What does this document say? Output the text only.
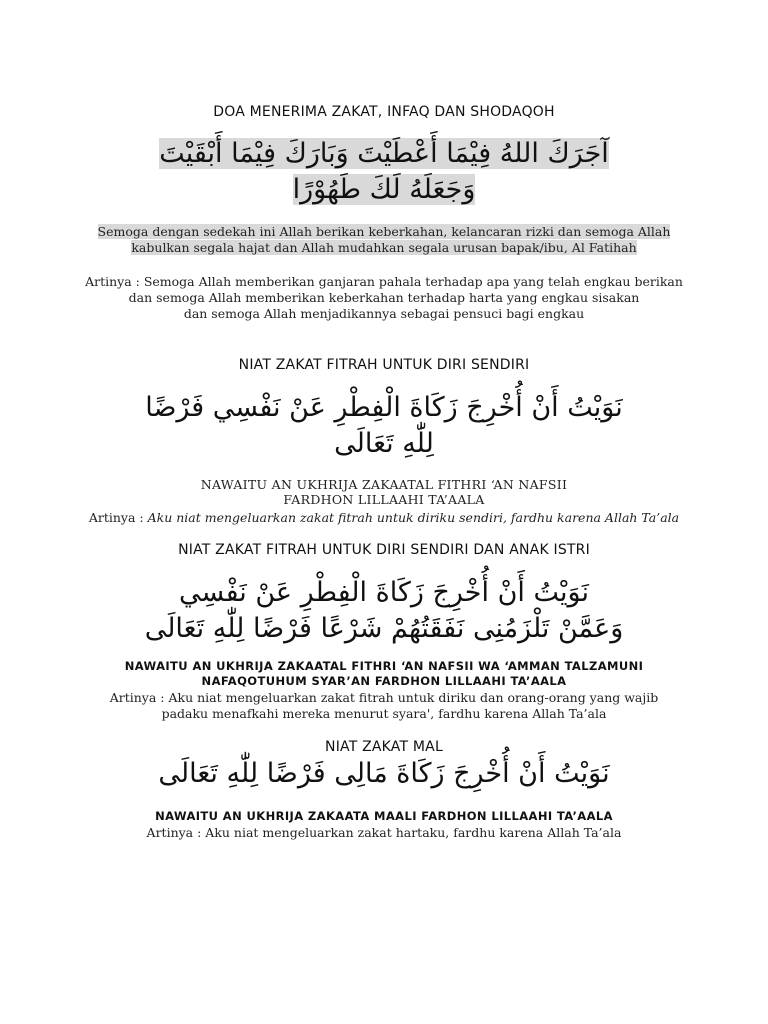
DOA MENERIMA ZAKAT, INFAQ DAN SHODAQOH
آجَرَكَ اللهُ فِيْمَا أَعْطَيْتَ وَبَارَكَ فِيْمَا أَبْقَيْتَ
وَجَعَلَهُ لَكَ طَهُوْرًا
Semoga dengan sedekah ini Allah berikan keberkahan, kelancaran rizki dan semoga Allah
kabulkan segala hajat dan Allah mudahkan segala urusan bapak/ibu, Al Fatihah
Artinya : Semoga Allah memberikan ganjaran pahala terhadap apa yang telah engkau berikan
dan semoga Allah memberikan keberkahan terhadap harta yang engkau sisakan
dan semoga Allah menjadikannya sebagai pensuci bagi engkau
NIAT ZAKAT FITRAH UNTUK DIRI SENDIRI
نَوَيْتُ أَنْ أُخْرِجَ زَكَاةَ الْفِطْرِ عَنْ نَفْسِي فَرْضًا
لِلّٰهِ تَعَالَى
NAWAITU AN UKHRIJA ZAKAATAL FITHRI ‘AN NAFSII
FARDHON LILLAAHI TA’AALA
Artinya : Aku niat mengeluarkan zakat fitrah untuk diriku sendiri, fardhu karena Allah Ta’ala
NIAT ZAKAT FITRAH UNTUK DIRI SENDIRI DAN ANAK ISTRI
نَوَيْتُ أَنْ أُخْرِجَ زَكَاةَ الْفِطْرِ عَنْ نَفْسِي
وَعَمَّنْ تَلْزَمُنِى نَفَقَتُهُمْ شَرْعًا فَرْضًا لِلّٰهِ تَعَالَى
NAWAITU AN UKHRIJA ZAKAATAL FITHRI ‘AN NAFSII WA ‘AMMAN TALZAMUNI
NAFAQOTUHUM SYAR’AN FARDHON LILLAAHI TA’AALA
Artinya : Aku niat mengeluarkan zakat fitrah untuk diriku dan orang-orang yang wajib
padaku menafkahi mereka menurut syara', fardhu karena Allah Ta’ala
NIAT ZAKAT MAL
نَوَيْتُ أَنْ أُخْرِجَ زَكَاةَ مَالِى فَرْضًا لِلّٰهِ تَعَالَى
NAWAITU AN UKHRIJA ZAKAATA MAALI FARDHON LILLAAHI TA’AALA
Artinya : Aku niat mengeluarkan zakat hartaku, fardhu karena Allah Ta’ala
